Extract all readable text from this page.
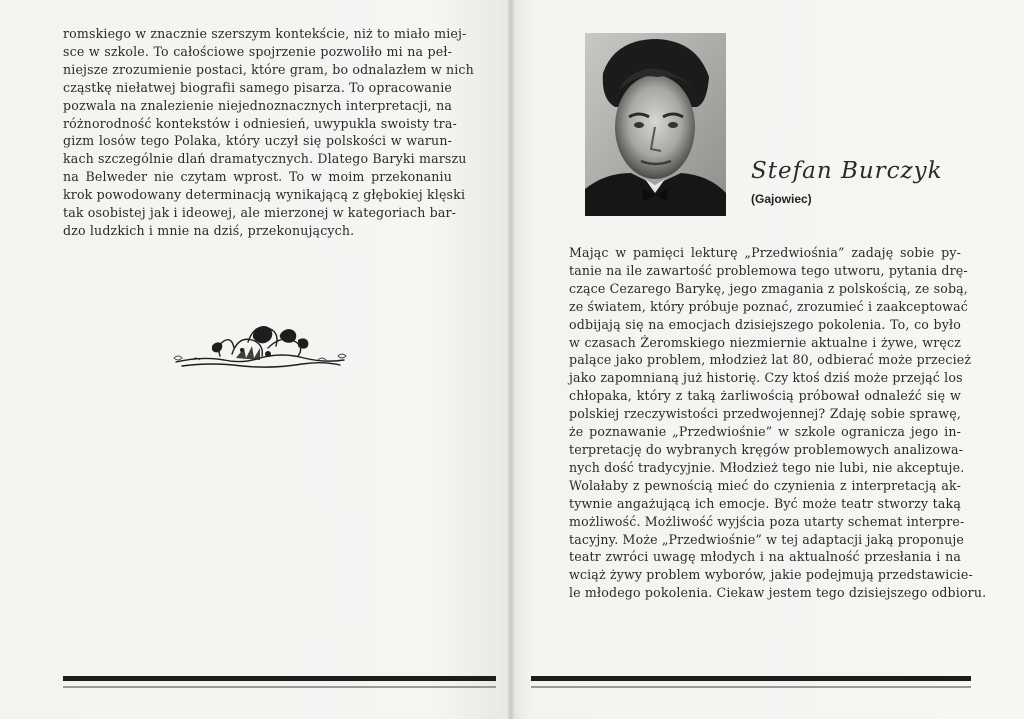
romskiego w znacznie szerszym kontekście, niż to miało miej-
sce w szkole. To całościowe spojrzenie pozwoliło mi na peł-
niejsze zrozumienie postaci, które gram, bo odnalazłem w nich
cząstkę niełatwej biografii samego pisarza. To opracowanie
pozwala na znalezienie niejednoznacznych interpretacji, na
różnorodność kontekstów i odniesień, uwypukla swoisty tra-
gizm losów tego Polaka, który uczył się polskości w warun-
kach szczególnie dlań dramatycznych. Dlatego Baryki marszu
na Belweder nie czytam wprost. To w moim przekonaniu
krok powodowany determinacją wynikającą z głębokiej klęski
tak osobistej jak i ideowej, ale mierzonej w kategoriach bar-
dzo ludzkich i mnie na dziś, przekonujących.
Stefan Burczyk
(Gajowiec)
Mając w pamięci lekturę „Przedwiośnia” zadaję sobie py-
tanie na ile zawartość problemowa tego utworu, pytania drę-
czące Cezarego Barykę, jego zmagania z polskością, ze sobą,
ze światem, który próbuje poznać, zrozumieć i zaakceptować
odbijają się na emocjach dzisiejszego pokolenia. To, co było
w czasach Żeromskiego niezmiernie aktualne i żywe, wręcz
palące jako problem, młodzież lat 80, odbierać może przecież
jako zapomnianą już historię. Czy ktoś dziś może przejąć los
chłopaka, który z taką żarliwością próbował odnaleźć się w
polskiej rzeczywistości przedwojennej? Zdaję sobie sprawę,
że poznawanie „Przedwiośnie” w szkole ogranicza jego in-
terpretację do wybranych kręgów problemowych analizowa-
nych dość tradycyjnie. Młodzież tego nie lubi, nie akceptuje.
Wolałaby z pewnością mieć do czynienia z interpretacją ak-
tywnie angażującą ich emocje. Być może teatr stworzy taką
możliwość. Możliwość wyjścia poza utarty schemat interpre-
tacyjny. Może „Przedwiośnie” w tej adaptacji jaką proponuje
teatr zwróci uwagę młodych i na aktualność przesłania i na
wciąż żywy problem wyborów, jakie podejmują przedstawicie-
le młodego pokolenia. Ciekaw jestem tego dzisiejszego odbioru.
